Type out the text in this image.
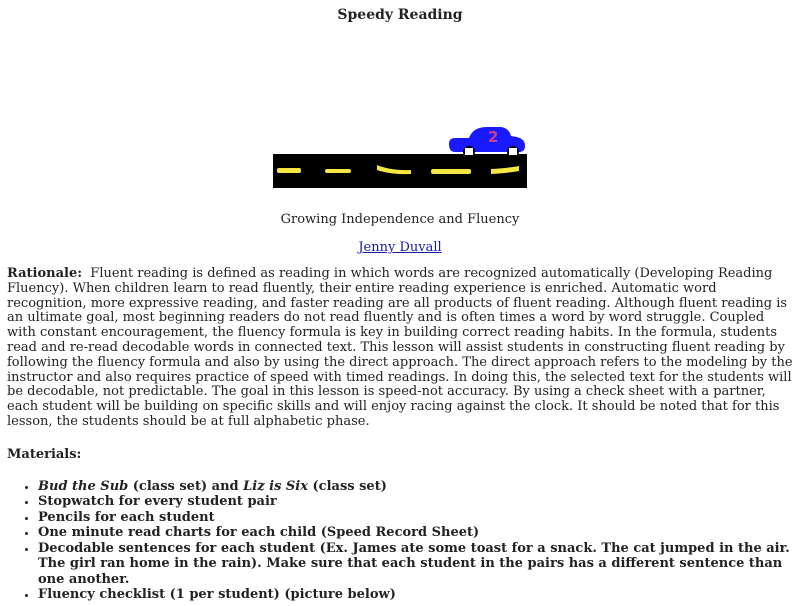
Speedy Reading
2
Growing Independence and Fluency
Jenny Duvall
Rationale: Fluent reading is defined as reading in which words are recognized automatically (Developing Reading Fluency). When children learn to read fluently, their entire reading experience is enriched. Automatic word recognition, more expressive reading, and faster reading are all products of fluent reading. Although fluent reading is an ultimate goal, most beginning readers do not read fluently and is often times a word by word struggle. Coupled with constant encouragement, the fluency formula is key in building correct reading habits. In the formula, students read and re-read decodable words in connected text. This lesson will assist students in constructing fluent reading by following the fluency formula and also by using the direct approach. The direct approach refers to the modeling by the instructor and also requires practice of speed with timed readings. In doing this, the selected text for the students will be decodable, not predictable. The goal in this lesson is speed-not accuracy. By using a check sheet with a partner, each student will be building on specific skills and will enjoy racing against the clock. It should be noted that for this lesson, the students should be at full alphabetic phase.
Materials:
• Bud the Sub (class set) and Liz is Six (class set)
• Stopwatch for every student pair
• Pencils for each student
• One minute read charts for each child (Speed Record Sheet)
• Decodable sentences for each student (Ex. James ate some toast for a snack. The cat jumped in the air. The girl ran home in the rain). Make sure that each student in the pairs has a different sentence than one another.
• Fluency checklist (1 per student) (picture below)
